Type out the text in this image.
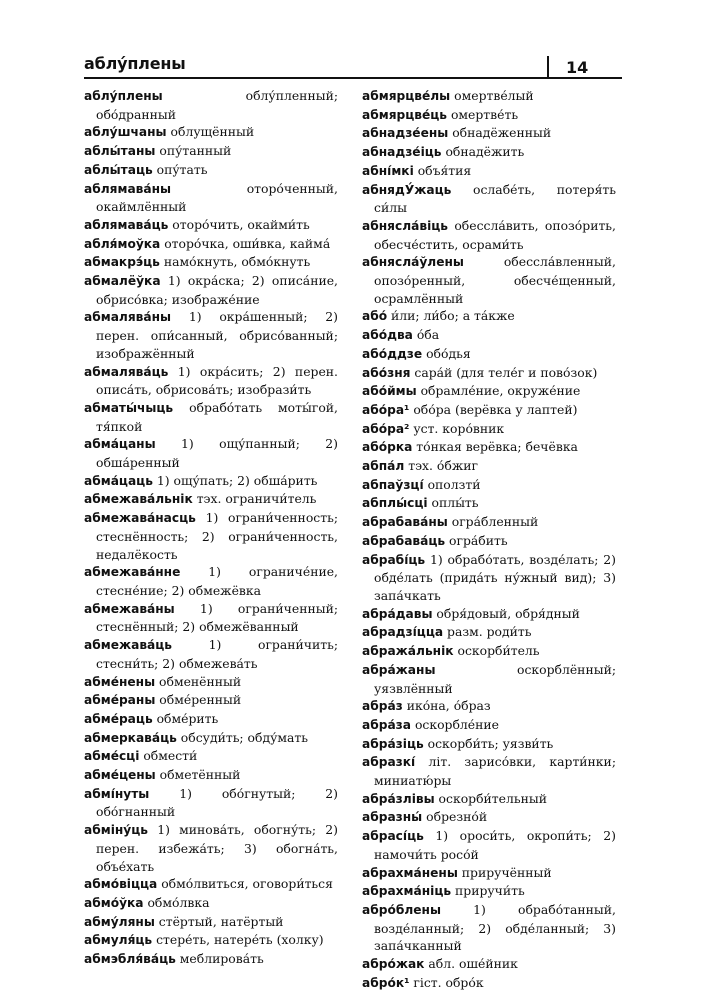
аблу́плены	14

аблу́плены облу́пленный; обо́дранный

аблу́шчаны облущённый

аблы́таны опу́танный

аблы́таць опу́тать

аблямава́ны оторо́ченный, окаймлённый

аблямава́ць оторо́чить, окайми́ть

абля́моўка оторо́чка, оши́вка, кайма́

абмакрэ́ць намо́кнуть, обмо́кнуть

абмалёўка 1) окра́ска; 2) описа́ние, обрисо́вка; изображе́ние

абмалява́ны 1) окра́шенный; 2) перен. опи́санный, обрисо́ванный; изображённый

абмалява́ць 1) окра́сить; 2) перен. описа́ть, обрисова́ть; изобрази́ть

абматы́чыць обрабо́тать моты́гой, тя́пкой

абма́цаны 1) ощу́панный; 2) обша́ренный

абма́цаць 1) ощу́пать; 2) обша́рить

абмежава́льнік тэх. ограничи́тель

абмежава́насць 1) ограни́ченность; стеснённость; 2) ограни́ченность, недалёкость

абмежава́нне 1) ограниче́ние, стесне́ние; 2) обмежёвка

абмежава́ны 1) ограни́ченный; стеснённый; 2) обмежёванный

абмежава́ць 1) ограни́чить; стесни́ть; 2) обмежева́ть

абме́нены обменённый

абме́раны обме́ренный

абме́раць обме́рить

абмеркава́ць обсуди́ть; обду́мать

абме́сці обмести́

абме́цены обметённый

абмі́нуты 1) обо́гнутый; 2) обо́гнанный

абміну́ць 1) минова́ть, обогну́ть; 2) перен. избежа́ть; 3) обогна́ть, объе́хать

абмо́віцца обмо́лвиться, оговори́ться

абмо́ўка обмо́лвка

абму́ляны стёртый, натёртый

абмуля́ць стере́ть, натере́ть (холку)

абмэбля́ва́ць меблирова́ть

абмярцве́лы омертве́лый

абмярцве́ць омертве́ть

абнадзе́ены обнадёженный

абнадзе́іць обнадёжить

абні́мкі объя́тия

абнядУ́жаць ослабе́ть, потеря́ть си́лы

абнясла́віць обессла́вить, опозо́рить, обесче́стить, осрами́ть

абнясла́ўлены обессла́вленный, опозо́ренный, обесче́щенный, осрамлённый

або́ и́ли; ли́бо; а та́кже

або́два о́ба

або́ддзе обо́дья

або́зня сара́й (для теле́г и пово́зок)

або́ймы обрамле́ние, окруже́ние

або́ра¹ обо́ра (верёвка у лаптей)

або́ра² уст. коро́вник

або́рка то́нкая верёвка; бечёвка

абпа́л тэх. о́бжиг

абпаўзці́ оползти́

абплы́сці оплы́ть

абрабава́ны огра́бленный

абрабава́ць огра́бить

абрабі́ць 1) обрабо́тать, возде́лать; 2) обде́лать (прида́ть ну́жный вид); 3) запа́чкать

абра́давы обря́довый, обря́дный

абрадзі́цца разм. роди́ть

абража́льнік оскорби́тель

абра́жаны оскорблённый; уязвлённый

абра́з ико́на, о́браз

абра́за оскорбле́ние

абра́зіць оскорби́ть; уязви́ть

абразкі́ літ. зарисо́вки, карти́нки; миниатю́ры

абра́злівы оскорби́тельный

абразны́ обрезно́й

абрасі́ць 1) ороси́ть, окропи́ть; 2) намочи́ть росо́й

абрахма́нены приручённый

абрахма́ніць приручи́ть

абро́блены 1) обрабо́танный, возде́ланный; 2) обде́ланный; 3) запа́чканный

абро́жак абл. оше́йник

абро́к¹ гіст. обро́к
